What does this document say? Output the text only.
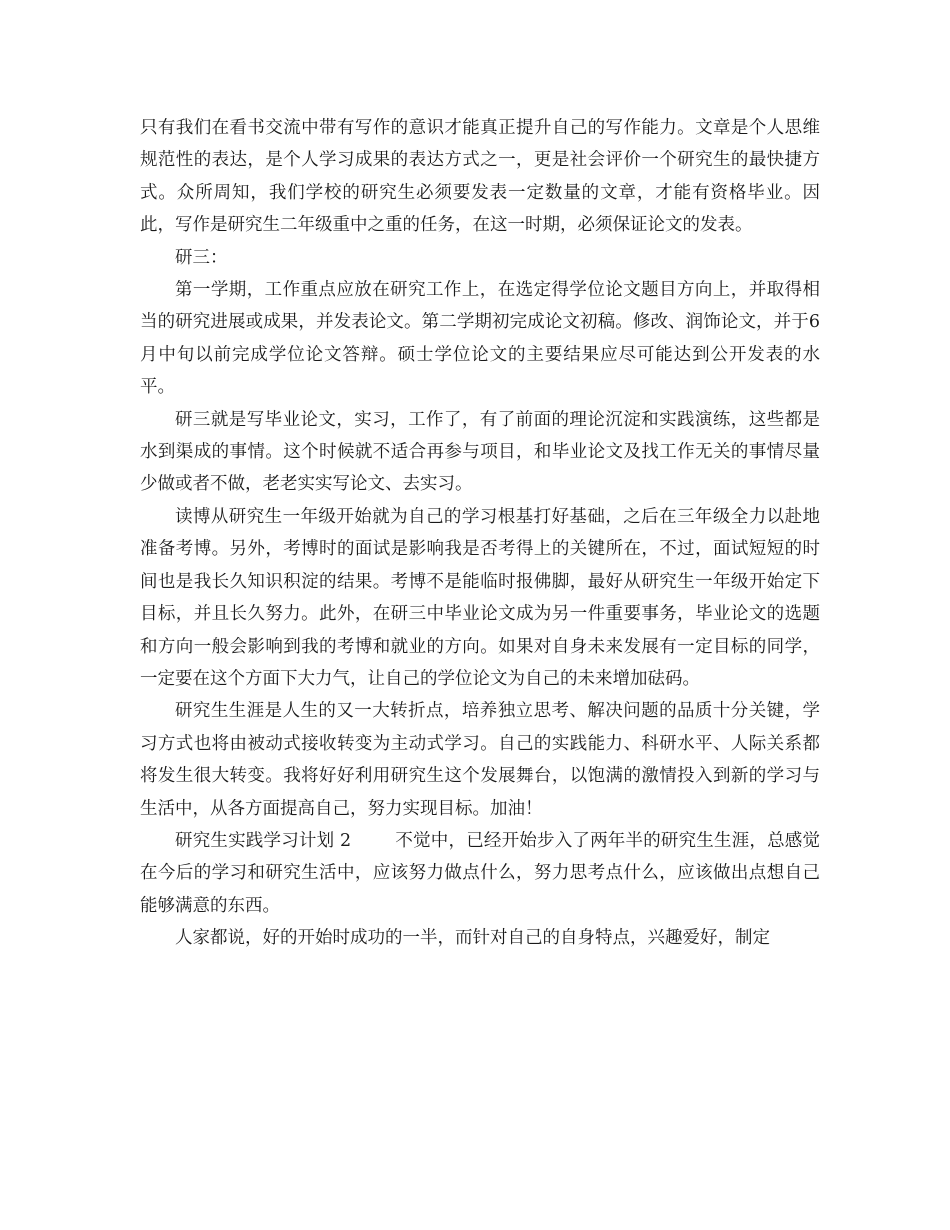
只有我们在看书交流中带有写作的意识才能真正提升自己的写作能力。文章是个人思维规范性的表达，是个人学习成果的表达方式之一，更是社会评价一个研究生的最快捷方式。众所周知，我们学校的研究生必须要发表一定数量的文章，才能有资格毕业。因此，写作是研究生二年级重中之重的任务，在这一时期，必须保证论文的发表。

研三：

第一学期，工作重点应放在研究工作上，在选定得学位论文题目方向上，并取得相当的研究进展或成果，并发表论文。第二学期初完成论文初稿。修改、润饰论文，并于6月中旬以前完成学位论文答辩。硕士学位论文的主要结果应尽可能达到公开发表的水平。

研三就是写毕业论文，实习，工作了，有了前面的理论沉淀和实践演练，这些都是水到渠成的事情。这个时候就不适合再参与项目，和毕业论文及找工作无关的事情尽量少做或者不做，老老实实写论文、去实习。

读博从研究生一年级开始就为自己的学习根基打好基础，之后在三年级全力以赴地准备考博。另外，考博时的面试是影响我是否考得上的关键所在，不过，面试短短的时间也是我长久知识积淀的结果。考博不是能临时报佛脚，最好从研究生一年级开始定下目标，并且长久努力。此外，在研三中毕业论文成为另一件重要事务，毕业论文的选题和方向一般会影响到我的考博和就业的方向。如果对自身未来发展有一定目标的同学，一定要在这个方面下大力气，让自己的学位论文为自己的未来增加砝码。

研究生生涯是人生的又一大转折点，培养独立思考、解决问题的品质十分关键，学习方式也将由被动式接收转变为主动式学习。自己的实践能力、科研水平、人际关系都将发生很大转变。我将好好利用研究生这个发展舞台，以饱满的激情投入到新的学习与生活中，从各方面提高自己，努力实现目标。加油！

研究生实践学习计划 2	不觉中，已经开始步入了两年半的研究生生涯，总感觉在今后的学习和研究生活中，应该努力做点什么，努力思考点什么，应该做出点想自己能够满意的东西。

人家都说，好的开始时成功的一半，而针对自己的自身特点，兴趣爱好，制定
